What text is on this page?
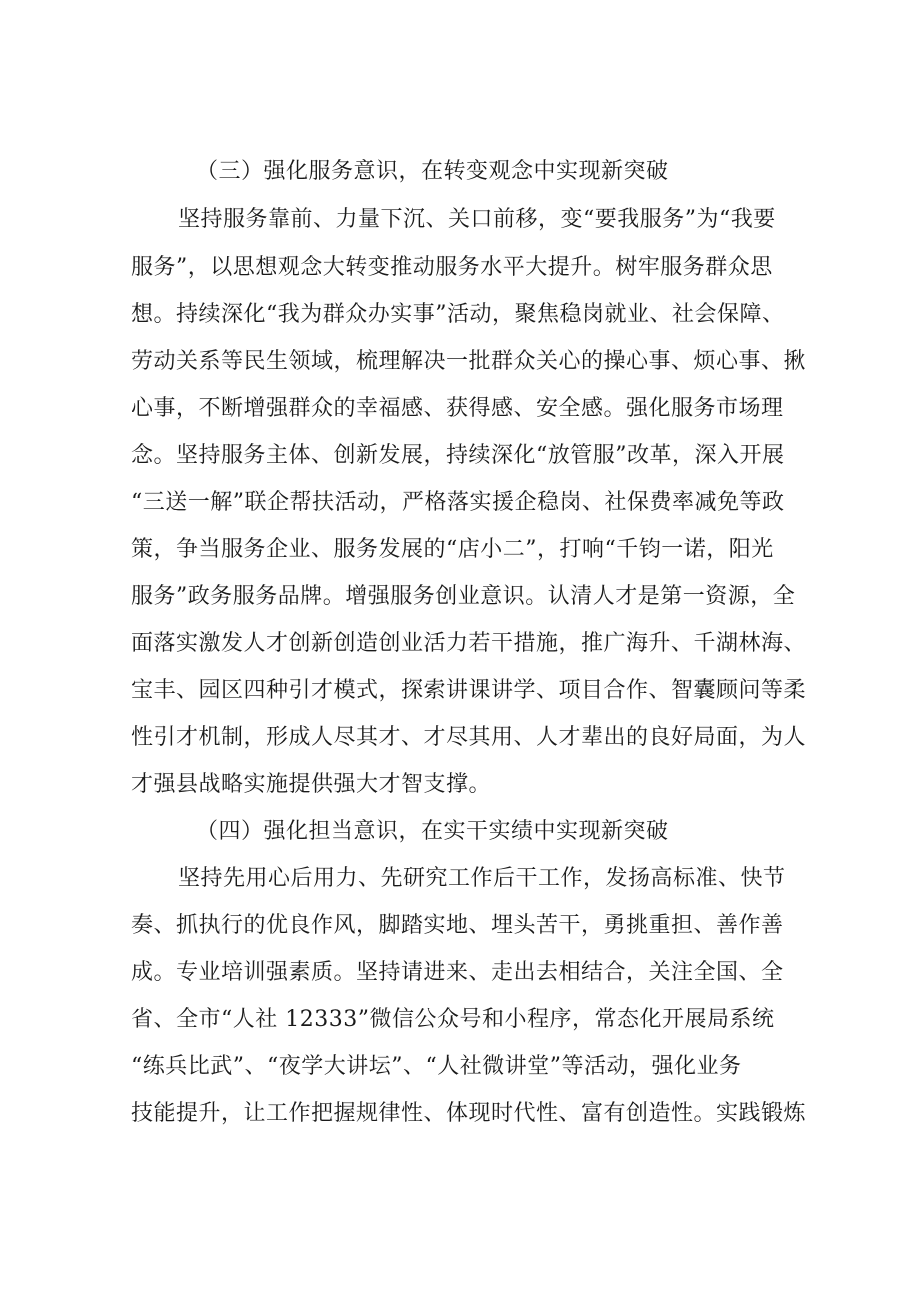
（三）强化服务意识，在转变观念中实现新突破
坚持服务靠前、力量下沉、关口前移，变“要我服务”为“我要
服务”，以思想观念大转变推动服务水平大提升。树牢服务群众思
想。持续深化“我为群众办实事”活动，聚焦稳岗就业、社会保障、
劳动关系等民生领域，梳理解决一批群众关心的操心事、烦心事、揪
心事，不断增强群众的幸福感、获得感、安全感。强化服务市场理
念。坚持服务主体、创新发展，持续深化“放管服”改革，深入开展
“三送一解”联企帮扶活动，严格落实援企稳岗、社保费率减免等政
策，争当服务企业、服务发展的“店小二”，打响“千钧一诺，阳光
服务”政务服务品牌。增强服务创业意识。认清人才是第一资源，全
面落实激发人才创新创造创业活力若干措施，推广海升、千湖林海、
宝丰、园区四种引才模式，探索讲课讲学、项目合作、智囊顾问等柔
性引才机制，形成人尽其才、才尽其用、人才辈出的良好局面，为人
才强县战略实施提供强大才智支撑。
（四）强化担当意识，在实干实绩中实现新突破
坚持先用心后用力、先研究工作后干工作，发扬高标准、快节
奏、抓执行的优良作风，脚踏实地、埋头苦干，勇挑重担、善作善
成。专业培训强素质。坚持请进来、走出去相结合，关注全国、全
省、全市“人社 12333”微信公众号和小程序，常态化开展局系统
“练兵比武”、“夜学大讲坛”、“人社微讲堂”等活动，强化业务
技能提升，让工作把握规律性、体现时代性、富有创造性。实践锻炼
